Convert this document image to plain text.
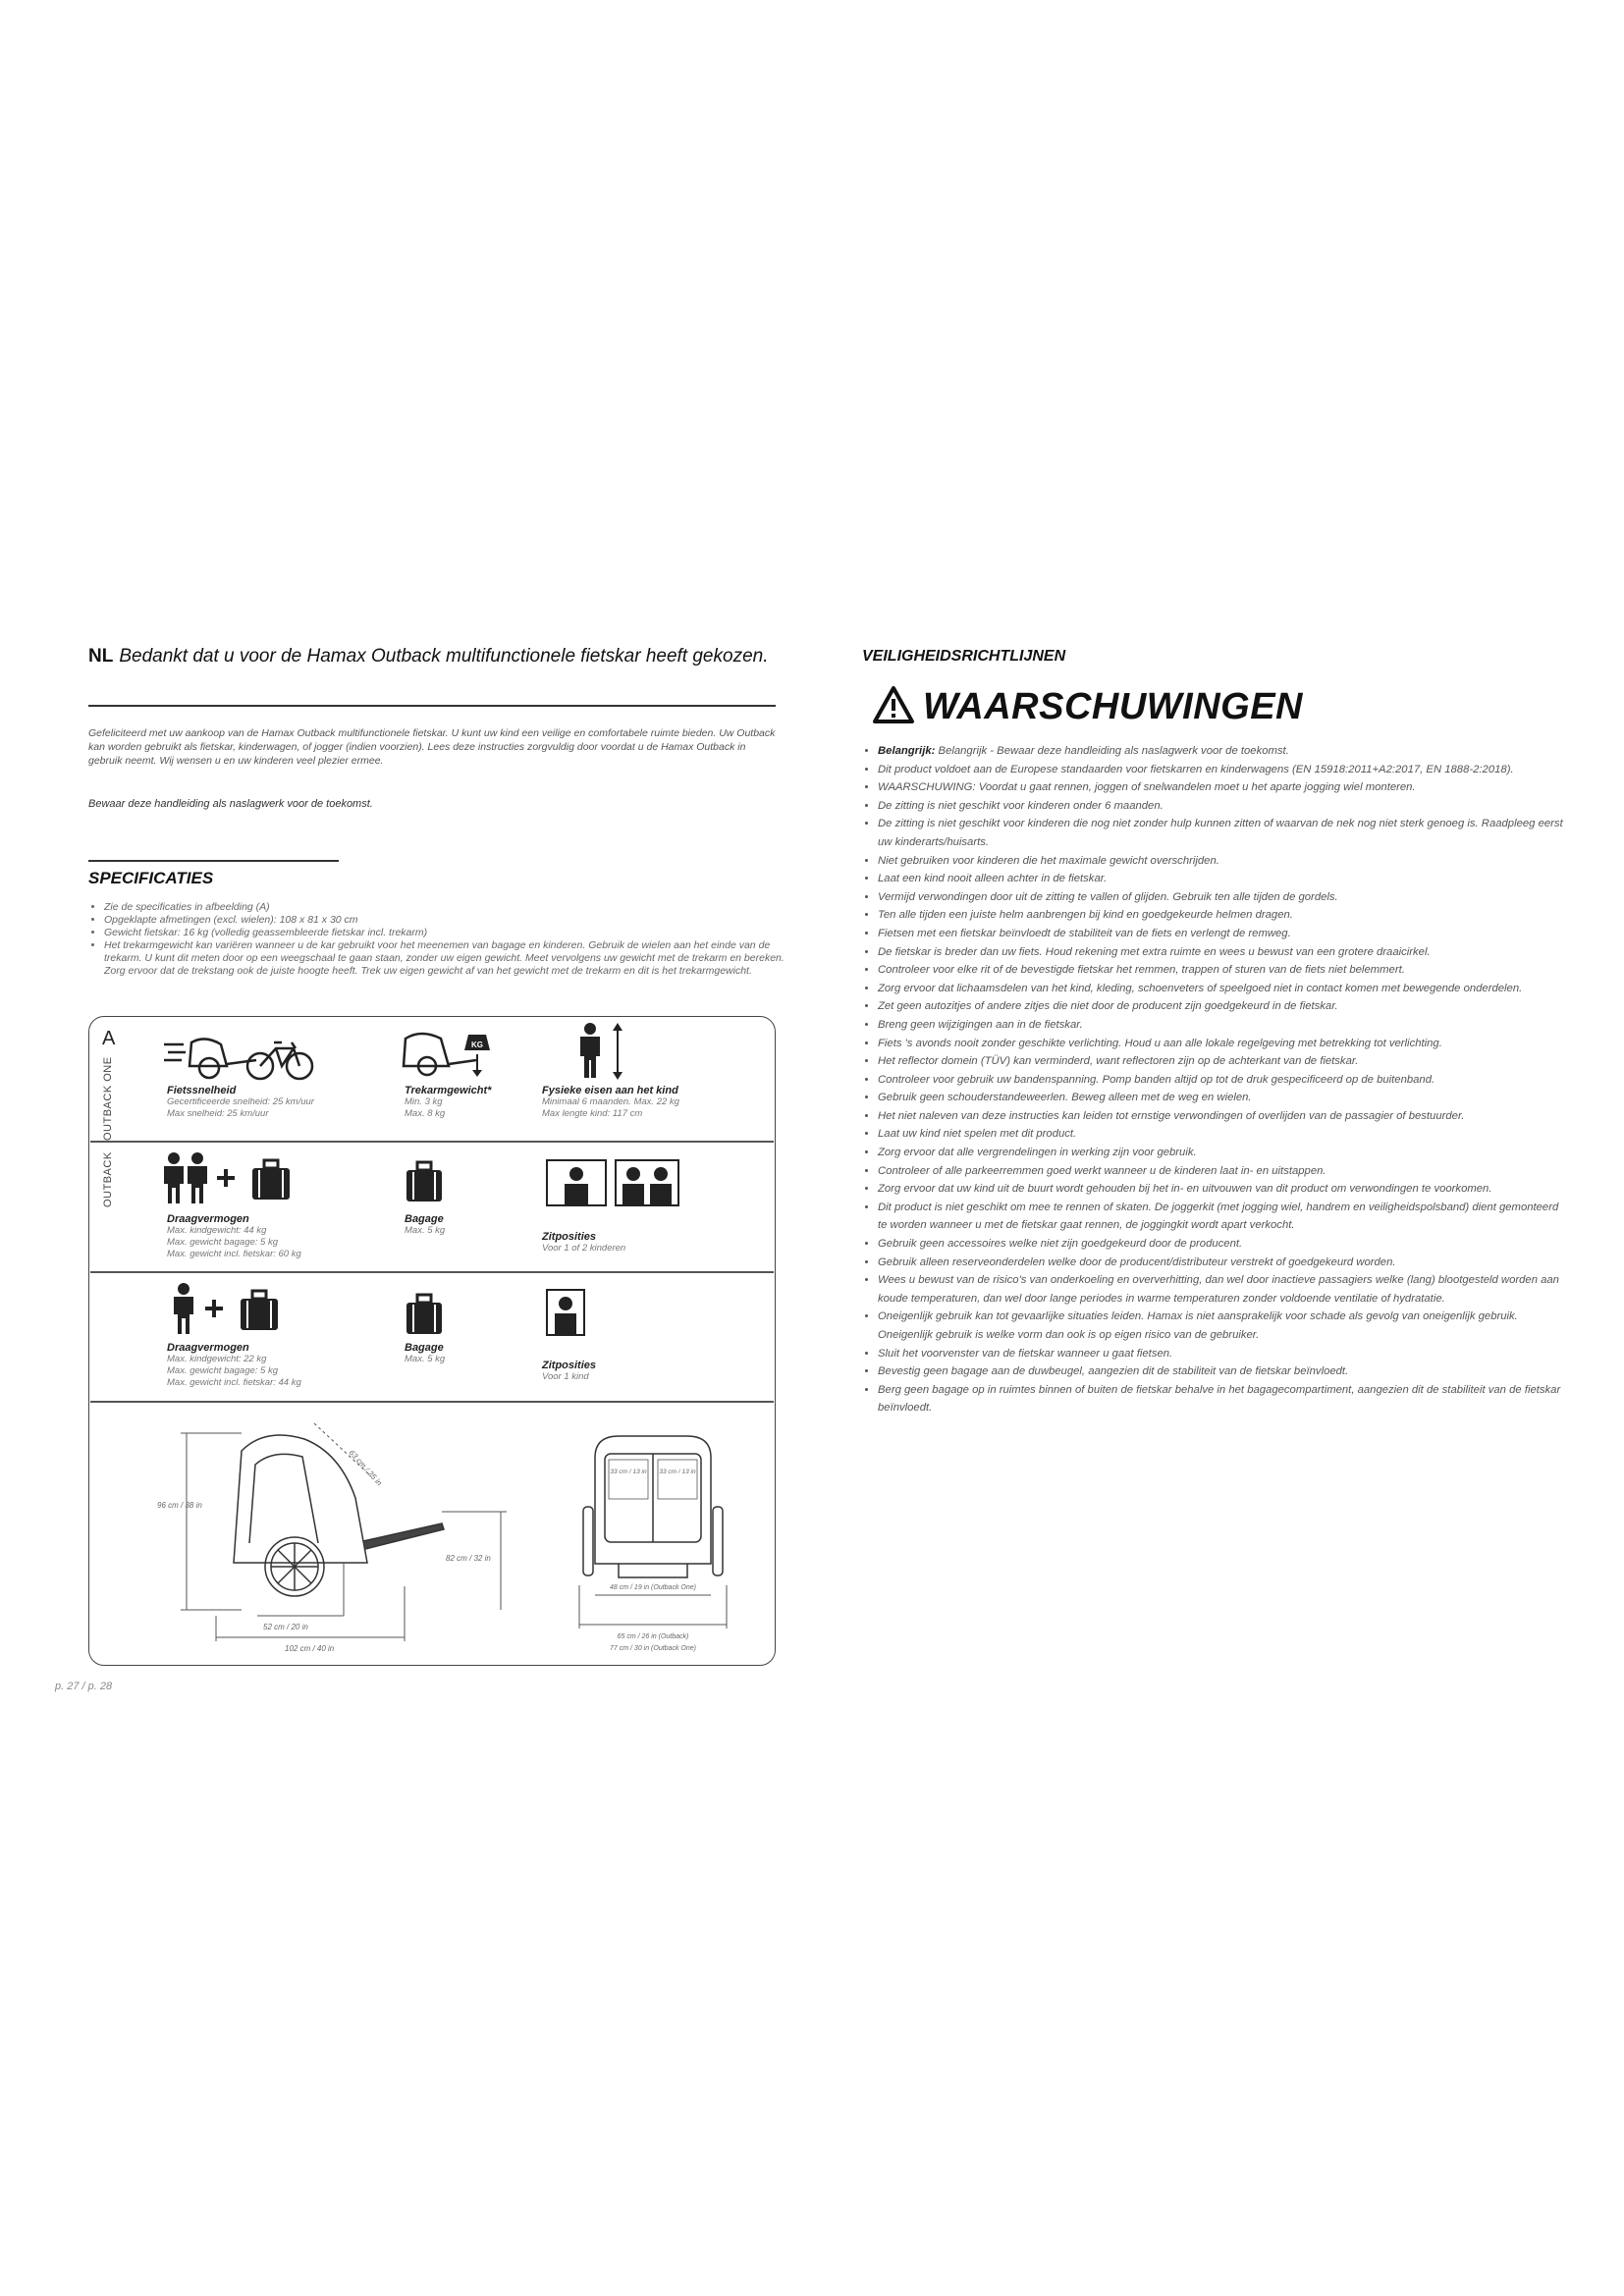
NL Bedankt dat u voor de Hamax Outback multifunctionele fietskar heeft gekozen.

Gefeliciteerd met uw aankoop van de Hamax Outback multifunctionele fietskar. U kunt uw kind een veilige en comfortabele ruimte bieden. Uw Outback kan worden gebruikt als fietskar, kinderwagen, of jogger (indien voorzien). Lees deze instructies zorgvuldig door voordat u de Hamax Outback in gebruik neemt. Wij wensen u en uw kinderen veel plezier ermee.

Bewaar deze handleiding als naslagwerk voor de toekomst.
SPECIFICATIES
• Zie de specificaties in afbeelding (A)
• Opgeklapte afmetingen (excl. wielen): 108 x 81 x 30 cm
• Gewicht fietskar: 16 kg (volledig geassembleerde fietskar incl. trekarm)
• Het trekarmgewicht kan variëren wanneer u de kar gebruikt voor het meenemen van bagage en kinderen. Gebruik de wielen aan het einde van de trekarm. U kunt dit meten door op een weegschaal te gaan staan, zonder uw eigen gewicht. Meet vervolgens uw gewicht met de trekarm en bereken. Zorg ervoor dat de trekstang ook de juiste hoogte heeft. Trek uw eigen gewicht af van het gewicht met de trekarm en dit is het trekarmgewicht.
A
OUTBACK ONE
OUTBACK
KG
Fietssnelheid
Gecertificeerde snelheid: 25 km/uur
Max snelheid: 25 km/uur
Trekarmgewicht*
Min. 3 kg
Max. 8 kg
Fysieke eisen aan het kind
Minimaal 6 maanden. Max. 22 kg
Max lengte kind: 117 cm
Draagvermogen
Max. kindgewicht: 44 kg
Max. gewicht bagage: 5 kg
Max. gewicht incl. fietskar: 60 kg
Bagage
Max. 5 kg
Zitposities
Voor 1 of 2 kinderen
Draagvermogen
Max. kindgewicht: 22 kg
Max. gewicht bagage: 5 kg
Max. gewicht incl. fietskar: 44 kg
Bagage
Max. 5 kg
Zitposities
Voor 1 kind
96 cm / 38 in
63 cm / 25 in
52 cm / 20 in
102 cm / 40 in
82 cm / 32 in
33 cm / 13 in 33 cm / 13 in
48 cm / 19 in (Outback One)
65 cm / 26 in (Outback)
77 cm / 30 in (Outback One)
p. 27 / p. 28
VEILIGHEIDSRICHTLIJNEN
WAARSCHUWINGEN
• Belangrijk: Belangrijk - Bewaar deze handleiding als naslagwerk voor de toekomst.
• Dit product voldoet aan de Europese standaarden voor fietskarren en kinderwagens (EN 15918:2011+A2:2017, EN 1888-2:2018).
• WAARSCHUWING: Voordat u gaat rennen, joggen of snelwandelen moet u het aparte jogging wiel monteren.
• De zitting is niet geschikt voor kinderen onder 6 maanden.
• De zitting is niet geschikt voor kinderen die nog niet zonder hulp kunnen zitten of waarvan de nek nog niet sterk genoeg is. Raadpleeg eerst uw kinderarts/huisarts.
• Niet gebruiken voor kinderen die het maximale gewicht overschrijden.
• Laat een kind nooit alleen achter in de fietskar.
• Vermijd verwondingen door uit de zitting te vallen of glijden. Gebruik ten alle tijden de gordels.
• Ten alle tijden een juiste helm aanbrengen bij kind en goedgekeurde helmen dragen.
• Fietsen met een fietskar beïnvloedt de stabiliteit van de fiets en verlengt de remweg.
• De fietskar is breder dan uw fiets. Houd rekening met extra ruimte en wees u bewust van een grotere draaicirkel.
• Controleer voor elke rit of de bevestigde fietskar het remmen, trappen of sturen van de fiets niet belemmert.
• Zorg ervoor dat lichaamsdelen van het kind, kleding, schoenveters of speelgoed niet in contact komen met bewegende onderdelen.
• Zet geen autozitjes of andere zitjes die niet door de producent zijn goedgekeurd in de fietskar.
• Breng geen wijzigingen aan in de fietskar.
• Fiets 's avonds nooit zonder geschikte verlichting. Houd u aan alle lokale regelgeving met betrekking tot verlichting.
• Het reflector domein (TÜV) kan verminderd, want reflectoren zijn op de achterkant van de fietskar.
• Controleer voor gebruik uw bandenspanning. Pomp banden altijd op tot de druk gespecificeerd op de buitenband.
• Gebruik geen schouderstandeweerlen. Beweg alleen met de weg en wielen.
• Het niet naleven van deze instructies kan leiden tot ernstige verwondingen of overlijden van de passagier of bestuurder.
• Laat uw kind niet spelen met dit product.
• Zorg ervoor dat alle vergrendelingen in werking zijn voor gebruik.
• Controleer of alle parkeerremmen goed werkt wanneer u de kinderen laat in- en uitstappen.
• Zorg ervoor dat uw kind uit de buurt wordt gehouden bij het in- en uitvouwen van dit product om verwondingen te voorkomen.
• Dit product is niet geschikt om mee te rennen of skaten. De joggerkit (met jogging wiel, handrem en veiligheidspolsband) dient gemonteerd te worden wanneer u met de fietskar gaat rennen, de joggingkit wordt apart verkocht.
• Gebruik geen accessoires welke niet zijn goedgekeurd door de producent.
• Gebruik alleen reserveonderdelen welke door de producent/distributeur verstrekt of goedgekeurd worden.
• Wees u bewust van de risico's van onderkoeling en oververhitting, dan wel door inactieve passagiers welke (lang) blootgesteld worden aan koude temperaturen, dan wel door lange periodes in warme temperaturen zonder voldoende ventilatie of hydratatie.
• Oneigenlijk gebruik kan tot gevaarlijke situaties leiden. Hamax is niet aansprakelijk voor schade als gevolg van oneigenlijk gebruik. Oneigenlijk gebruik is welke vorm dan ook is op eigen risico van de gebruiker.
• Sluit het voorvenster van de fietskar wanneer u gaat fietsen.
• Bevestig geen bagage aan de duwbeugel, aangezien dit de stabiliteit van de fietskar beïnvloedt.
• Berg geen bagage op in ruimtes binnen of buiten de fietskar behalve in het bagagecompartiment, aangezien dit de stabiliteit van de fietskar beïnvloedt.
